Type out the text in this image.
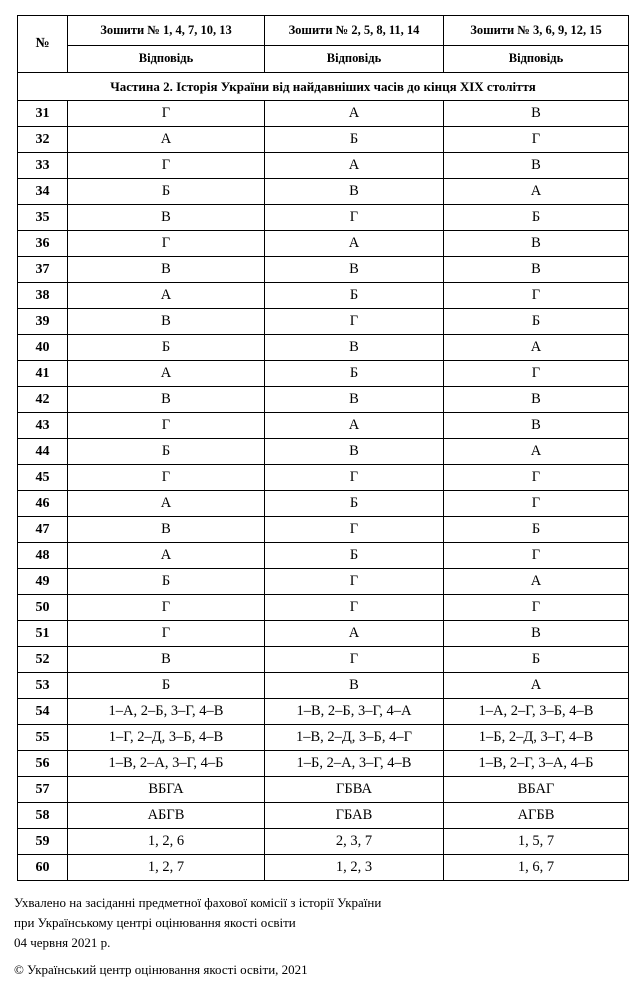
№	Зошити № 1, 4, 7, 10, 13	Зошити № 2, 5, 8, 11, 14	Зошити № 3, 6, 9, 12, 15
	Відповідь	Відповідь	Відповідь
Частина 2. Історія України від найдавніших часів до кінця XIX століття			
31	Г	А	В
32	А	Б	Г
33	Г	А	В
34	Б	В	А
35	В	Г	Б
36	Г	А	В
37	В	В	В
38	А	Б	Г
39	В	Г	Б
40	Б	В	А
41	А	Б	Г
42	В	В	В
43	Г	А	В
44	Б	В	А
45	Г	Г	Г
46	А	Б	Г
47	В	Г	Б
48	А	Б	Г
49	Б	Г	А
50	Г	Г	Г
51	Г	А	В
52	В	Г	Б
53	Б	В	А
54	1–А, 2–Б, 3–Г, 4–В	1–В, 2–Б, 3–Г, 4–А	1–А, 2–Г, 3–Б, 4–В
55	1–Г, 2–Д, 3–Б, 4–В	1–В, 2–Д, 3–Б, 4–Г	1–Б, 2–Д, 3–Г, 4–В
56	1–В, 2–А, 3–Г, 4–Б	1–Б, 2–А, 3–Г, 4–В	1–В, 2–Г, 3–А, 4–Б
57	ВБГА	ГБВА	ВБАГ
58	АБГВ	ГБАВ	АГБВ
59	1, 2, 6	2, 3, 7	1, 5, 7
60	1, 2, 7	1, 2, 3	1, 6, 7
Ухвалено на засіданні предметної фахової комісії з історії України
при Українському центрі оцінювання якості освіти
04 червня 2021 р.
© Український центр оцінювання якості освіти, 2021
